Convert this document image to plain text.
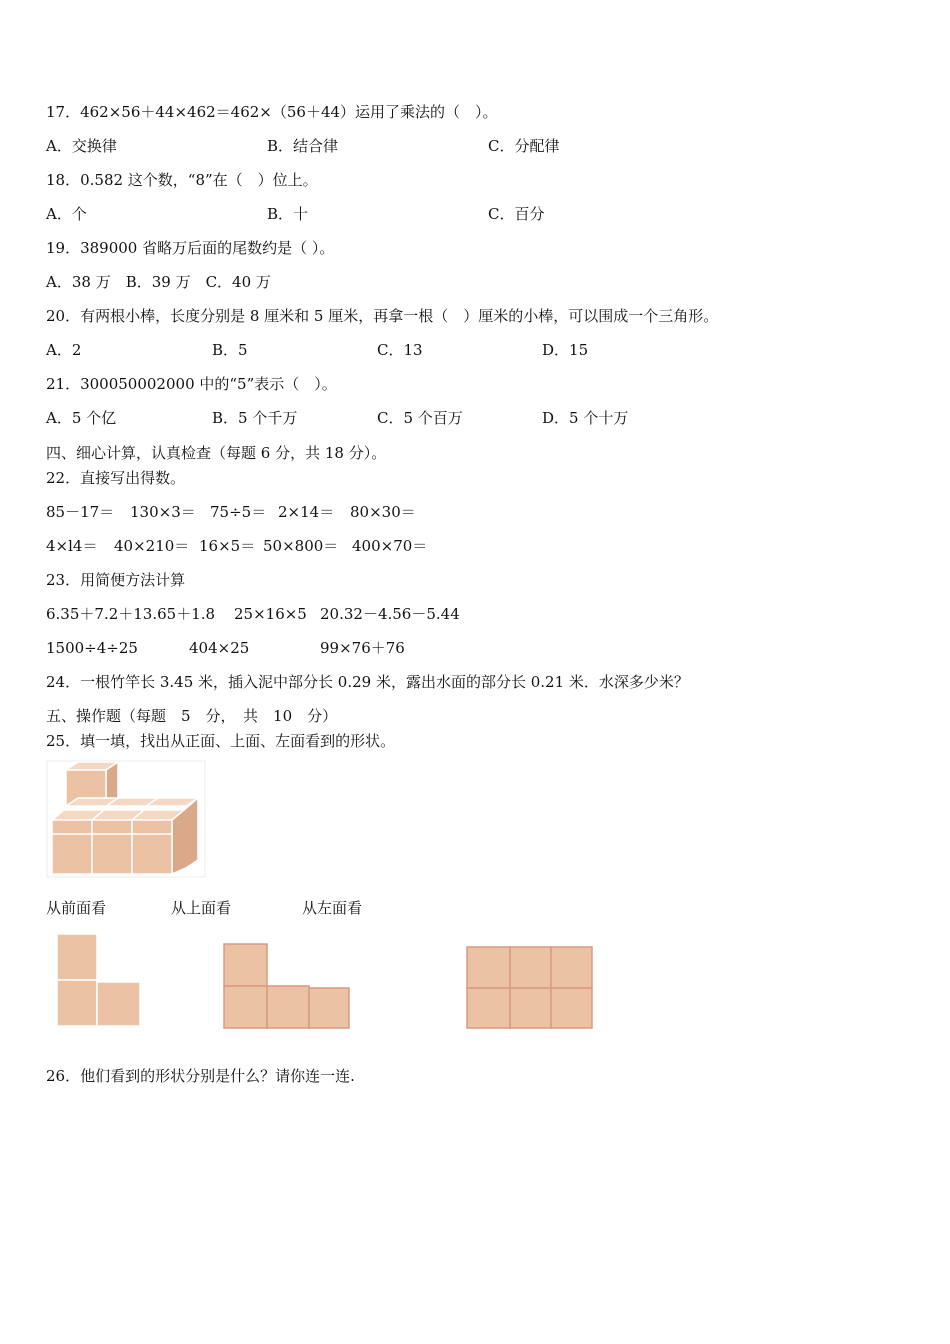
17．462×56＋44×462＝462×（56＋44）运用了乘法的（　）。
A．交换律	B．结合律	C．分配律
18．0.582 这个数，“8”在（　）位上。
A．个	B．十	C．百分
19．389000 省略万后面的尾数约是（ ）。
A．38 万　B．39 万　C．40 万
20．有两根小棒，长度分别是 8 厘米和 5 厘米，再拿一根（　）厘米的小棒，可以围成一个三角形。
A．2	B．5	C．13	D．15
21．300050002000 中的“5”表示（　）。
A．5 个亿	B．5 个千万	C．5 个百万	D．5 个十万
四、细心计算，认真检查（每题 6 分，共 18 分）。
22．直接写出得数。
85－17＝ 130×3＝ 75÷5＝ 2×14＝ 80×30＝
4×l4＝ 40×210＝ 16×5＝ 50×800＝ 400×70＝
23．用简便方法计算
6.35＋7.2＋13.65＋1.8 25×16×5 20.32－4.56－5.44
1500÷4÷25	404×25	99×76＋76
24．一根竹竿长 3.45 米，插入泥中部分长 0.29 米，露出水面的部分长 0.21 米．水深多少米？
五、操作题（每题　5　分，　共　10　分）
25．填一填，找出从正面、上面、左面看到的形状。
从前面看	从上面看	从左面看
26．他们看到的形状分别是什么？请你连一连.
